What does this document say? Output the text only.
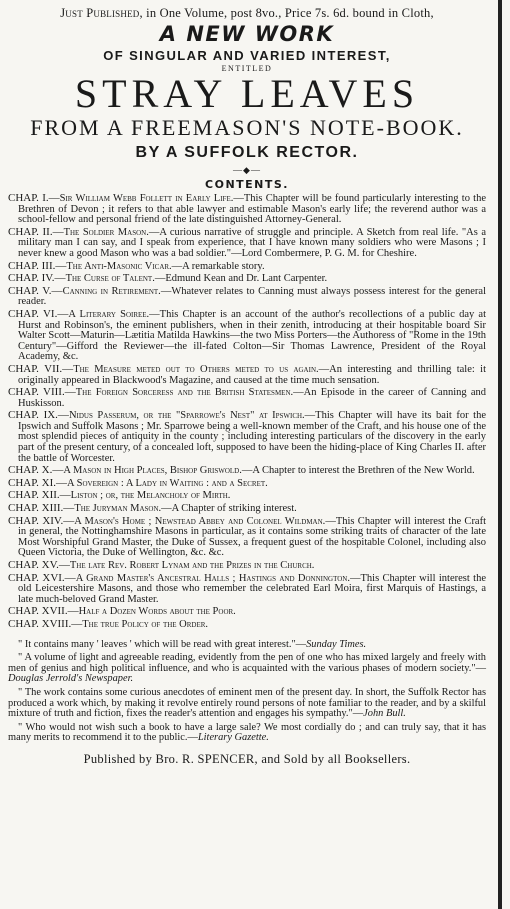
Just Published, in One Volume, post 8vo., Price 7s. 6d. bound in Cloth,
A NEW WORK
OF SINGULAR AND VARIED INTEREST,
ENTITLED
STRAY LEAVES
FROM A FREEMASON'S NOTE-BOOK.
BY A SUFFOLK RECTOR.
—◆—
CONTENTS.

CHAP. I.—Sir William Webb Follett in Early Life.—This Chapter will be found particularly interesting to the Brethren of Devon ; it refers to that able lawyer and estimable Mason's early life; the reverend author was a school-fellow and personal friend of the late distinguished Attorney-General.

CHAP. II.—The Soldier Mason.—A curious narrative of struggle and principle. A Sketch from real life. "As a military man I can say, and I speak from experience, that I have known many soldiers who were Masons ; I never knew a good Mason who was a bad soldier."—Lord Combermere, P. G. M. for Cheshire.

CHAP. III.—The Anti-Masonic Vicar.—A remarkable story.

CHAP. IV.—The Curse of Talent.—Edmund Kean and Dr. Lant Carpenter.

CHAP. V.—Canning in Retirement.—Whatever relates to Canning must always possess interest for the general reader.

CHAP. VI.—A Literary Soiree.—This Chapter is an account of the author's recollections of a public day at Hurst and Robinson's, the eminent publishers, when in their zenith, introducing at their hospitable board Sir Walter Scott—Maturin—Lætitia Matilda Hawkins—the two Miss Porters—the Authoress of "Rome in the 19th Century"—Gifford the Reviewer—the ill-fated Colton—Sir Thomas Lawrence, President of the Royal Academy, &c.

CHAP. VII.—The Measure meted out to Others meted to us again.—An interesting and thrilling tale: it originally appeared in Blackwood's Magazine, and caused at the time much sensation.

CHAP. VIII.—The Foreign Sorceress and the British Statesmen.—An Episode in the career of Canning and Huskisson.

CHAP. IX.—Nidus Passerum, or the "Sparrowe's Nest" at Ipswich.—This Chapter will have its bait for the Ipswich and Suffolk Masons ; Mr. Sparrowe being a well-known member of the Craft, and his house one of the most splendid pieces of antiquity in the county ; including interesting particulars of the discovery in the early part of the present century, of a concealed loft, supposed to have been the hiding-place of King Charles II. after the battle of Worcester.

CHAP. X.—A Mason in High Places, Bishop Griswold.—A Chapter to interest the Brethren of the New World.

CHAP. XI.—A Sovereign : A Lady in Waiting : and a Secret.

CHAP. XII.—Liston ; or, the Melancholy of Mirth.

CHAP. XIII.—The Juryman Mason.—A Chapter of striking interest.

CHAP. XIV.—A Mason's Home ; Newstead Abbey and Colonel Wildman.—This Chapter will interest the Craft in general, the Nottinghamshire Masons in particular, as it contains some striking traits of character of the late Most Worshipful Grand Master, the Duke of Sussex, a frequent guest of the hospitable Colonel, including also Queen Victoria, the Duke of Wellington, &c. &c.

CHAP. XV.—The late Rev. Robert Lynam and the Prizes in the Church.

CHAP. XVI.—A Grand Master's Ancestral Halls ; Hastings and Donnington.—This Chapter will interest the old Leicestershire Masons, and those who remember the celebrated Earl Moira, first Marquis of Hastings, a late much-beloved Grand Master.

CHAP. XVII.—Half a Dozen Words about the Poor.

CHAP. XVIII.—The true Policy of the Order.

" It contains many ' leaves ' which will be read with great interest."—Sunday Times.

" A volume of light and agreeable reading, evidently from the pen of one who has mixed largely and freely with men of genius and high political influence, and who is acquainted with the various phases of modern society."—Douglas Jerrold's Newspaper.

" The work contains some curious anecdotes of eminent men of the present day. In short, the Suffolk Rector has produced a work which, by making it revolve entirely round persons of note familiar to the reader, and by a skilful mixture of truth and fiction, fixes the reader's attention and engages his sympathy."—John Bull.

" Who would not wish such a book to have a large sale? We most cordially do ; and can truly say, that it has many merits to recommend it to the public.—Literary Gazette.

Published by Bro. R. SPENCER, and Sold by all Booksellers.
